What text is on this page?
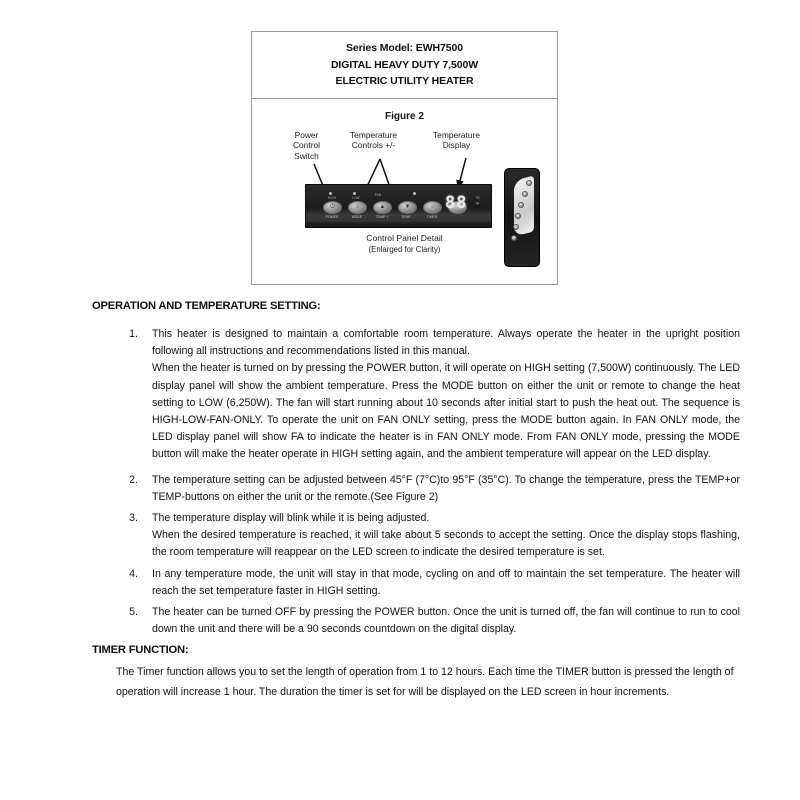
Series Model: EWH7500
DIGITAL HEAVY DUTY 7,500W
ELECTRIC UTILITY HEATER
Figure 2
Power
Control
Switch
Temperature
Controls +/-
Temperature
Display
HIGH	LOW
FAN
⏻
POWER
○
MODE
▲
TEMP +
▼
TEMP -
○
TIMER
88 °C
°F
Control Panel Detail
(Enlarged for Clarity)
OPERATION AND TEMPERATURE SETTING:
1. This heater is designed to maintain a comfortable room temperature. Always operate the heater in the upright position following all instructions and recommendations listed in this manual.
When the heater is turned on by pressing the POWER button, it will operate on HIGH setting (7,500W) continuously. The LED display panel will show the ambient temperature. Press the MODE button on either the unit or remote to change the heat setting to LOW (6,250W). The fan will start running about 10 seconds after initial start to push the heat out. The sequence is HIGH-LOW-FAN-ONLY. To operate the unit on FAN ONLY setting, press the MODE button again. In FAN ONLY mode, the LED display panel will show FA to indicate the heater is in FAN ONLY mode. From FAN ONLY mode, pressing the MODE button will make the heater operate in HIGH setting again, and the ambient temperature will appear on the LED display.
2. The temperature setting can be adjusted between 45°F (7°C)to 95°F (35°C). To change the temperature, press the TEMP+or TEMP-buttons on either the unit or the remote.(See Figure 2)
3. The temperature display will blink while it is being adjusted.
When the desired temperature is reached, it will take about 5 seconds to accept the setting. Once the display stops flashing, the room temperature will reappear on the LED screen to indicate the desired temperature is set.
4. In any temperature mode, the unit will stay in that mode, cycling on and off to maintain the set temperature. The heater will reach the set temperature faster in HIGH setting.
5. The heater can be turned OFF by pressing the POWER button. Once the unit is turned off, the fan will continue to run to cool down the unit and there will be a 90 seconds countdown on the digital display.
TIMER FUNCTION:
The Timer function allows you to set the length of operation from 1 to 12 hours. Each time the TIMER button is pressed the length of operation will increase 1 hour. The duration the timer is set for will be displayed on the LED screen in hour increments.
